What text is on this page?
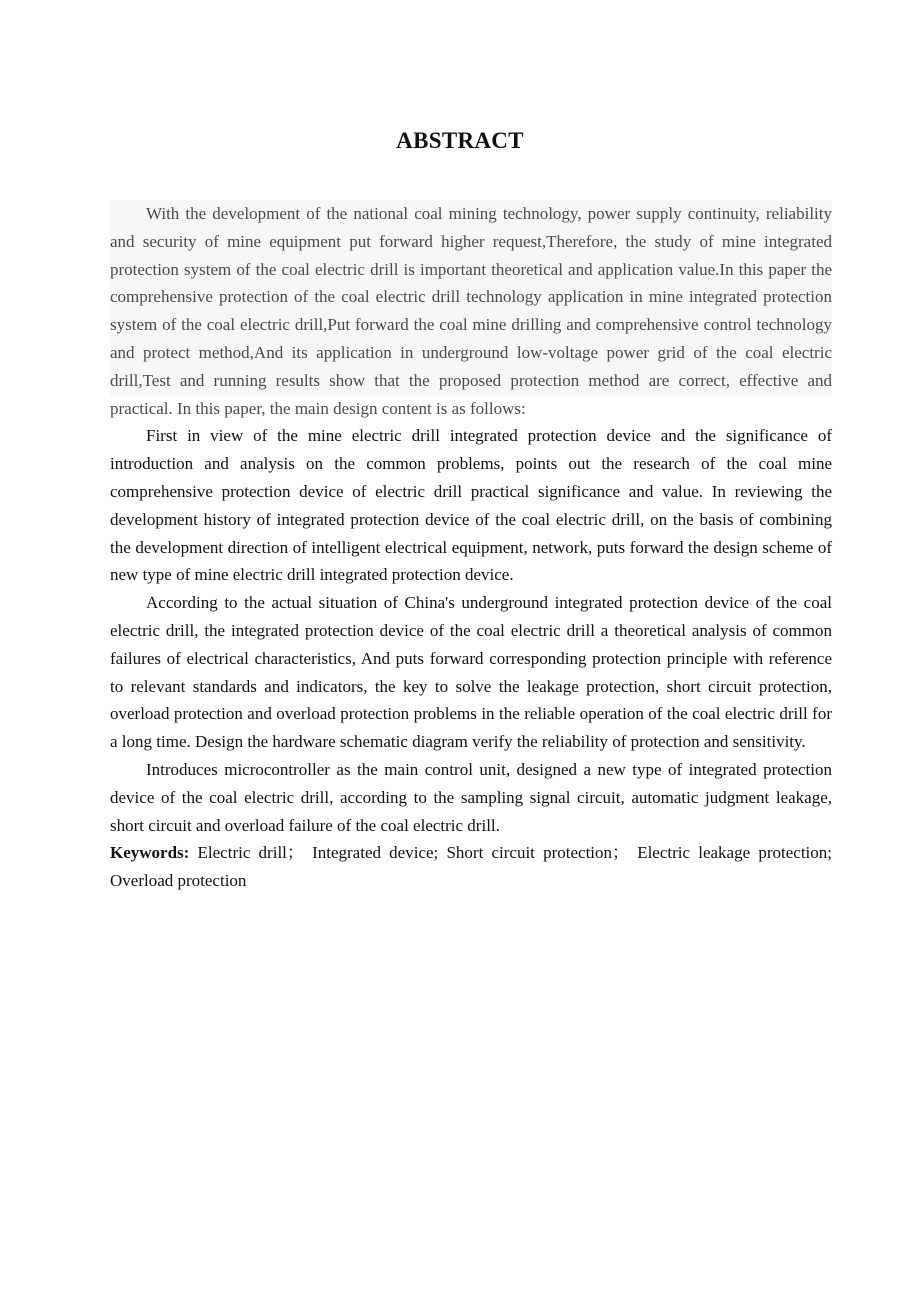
ABSTRACT

With the development of the national coal mining technology, power supply continuity, reliability and security of mine equipment put forward higher request,Therefore, the study of mine integrated protection system of the coal electric drill is important theoretical and application value.In this paper the comprehensive protection of the coal electric drill technology application in mine integrated protection system of the coal electric drill,Put forward the coal mine drilling and comprehensive control technology and protect method,And its application in underground low-voltage power grid of the coal electric drill,Test and running results show that the proposed protection method are correct, effective and practical. In this paper, the main design content is as follows:

First in view of the mine electric drill integrated protection device and the significance of introduction and analysis on the common problems, points out the research of the coal mine comprehensive protection device of electric drill practical significance and value. In reviewing the development history of integrated protection device of the coal electric drill, on the basis of combining the development direction of intelligent electrical equipment, network, puts forward the design scheme of new type of mine electric drill integrated protection device.

According to the actual situation of China's underground integrated protection device of the coal electric drill, the integrated protection device of the coal electric drill a theoretical analysis of common failures of electrical characteristics, And puts forward corresponding protection principle with reference to relevant standards and indicators, the key to solve the leakage protection, short circuit protection, overload protection and overload protection problems in the reliable operation of the coal electric drill for a long time. Design the hardware schematic diagram verify the reliability of protection and sensitivity.

Introduces microcontroller as the main control unit, designed a new type of integrated protection device of the coal electric drill, according to the sampling signal circuit, automatic judgment leakage, short circuit and overload failure of the coal electric drill.

Keywords: Electric drill； Integrated device; Short circuit protection； Electric leakage protection; Overload protection
